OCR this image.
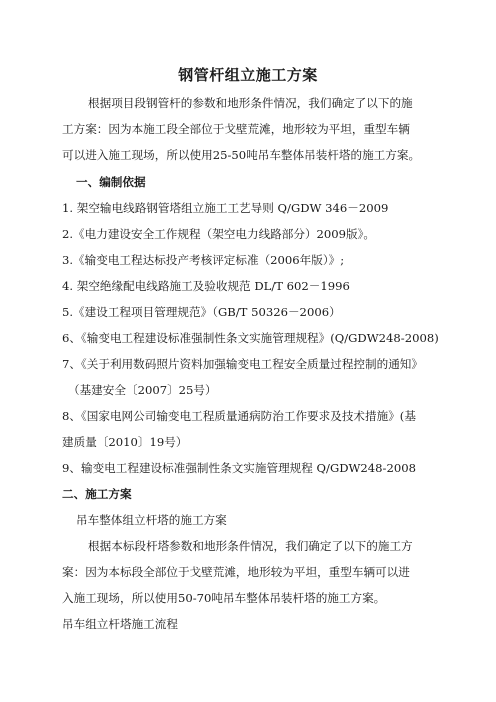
钢管杆组立施工方案
根据项目段钢管杆的参数和地形条件情况，我们确定了以下的施
工方案：因为本施工段全部位于戈壁荒滩，地形较为平坦，重型车辆
可以进入施工现场，所以使用25-50吨吊车整体吊装杆塔的施工方案。
一、编制依据
1. 架空输电线路钢管塔组立施工工艺导则 Q/GDW 346－2009
2.《电力建设安全工作规程（架空电力线路部分）2009版》。
3.《输变电工程达标投产考核评定标准（2006年版）》;
4. 架空绝缘配电线路施工及验收规范 DL/T 602－1996
5.《建设工程项目管理规范》（GB/T 50326－2006）
6、《输变电工程建设标准强制性条文实施管理规程》(Q/GDW248-2008)
7、《关于利用数码照片资料加强输变电工程安全质量过程控制的通知》
（基建安全〔2007〕25号）
8、《国家电网公司输变电工程质量通病防治工作要求及技术措施》(基
建质量〔2010〕19号）
9、输变电工程建设标准强制性条文实施管理规程 Q/GDW248-2008
二、施工方案
吊车整体组立杆塔的施工方案
根据本标段杆塔参数和地形条件情况，我们确定了以下的施工方
案：因为本标段全部位于戈壁荒滩，地形较为平坦，重型车辆可以进
入施工现场，所以使用50-70吨吊车整体吊装杆塔的施工方案。
吊车组立杆塔施工流程
